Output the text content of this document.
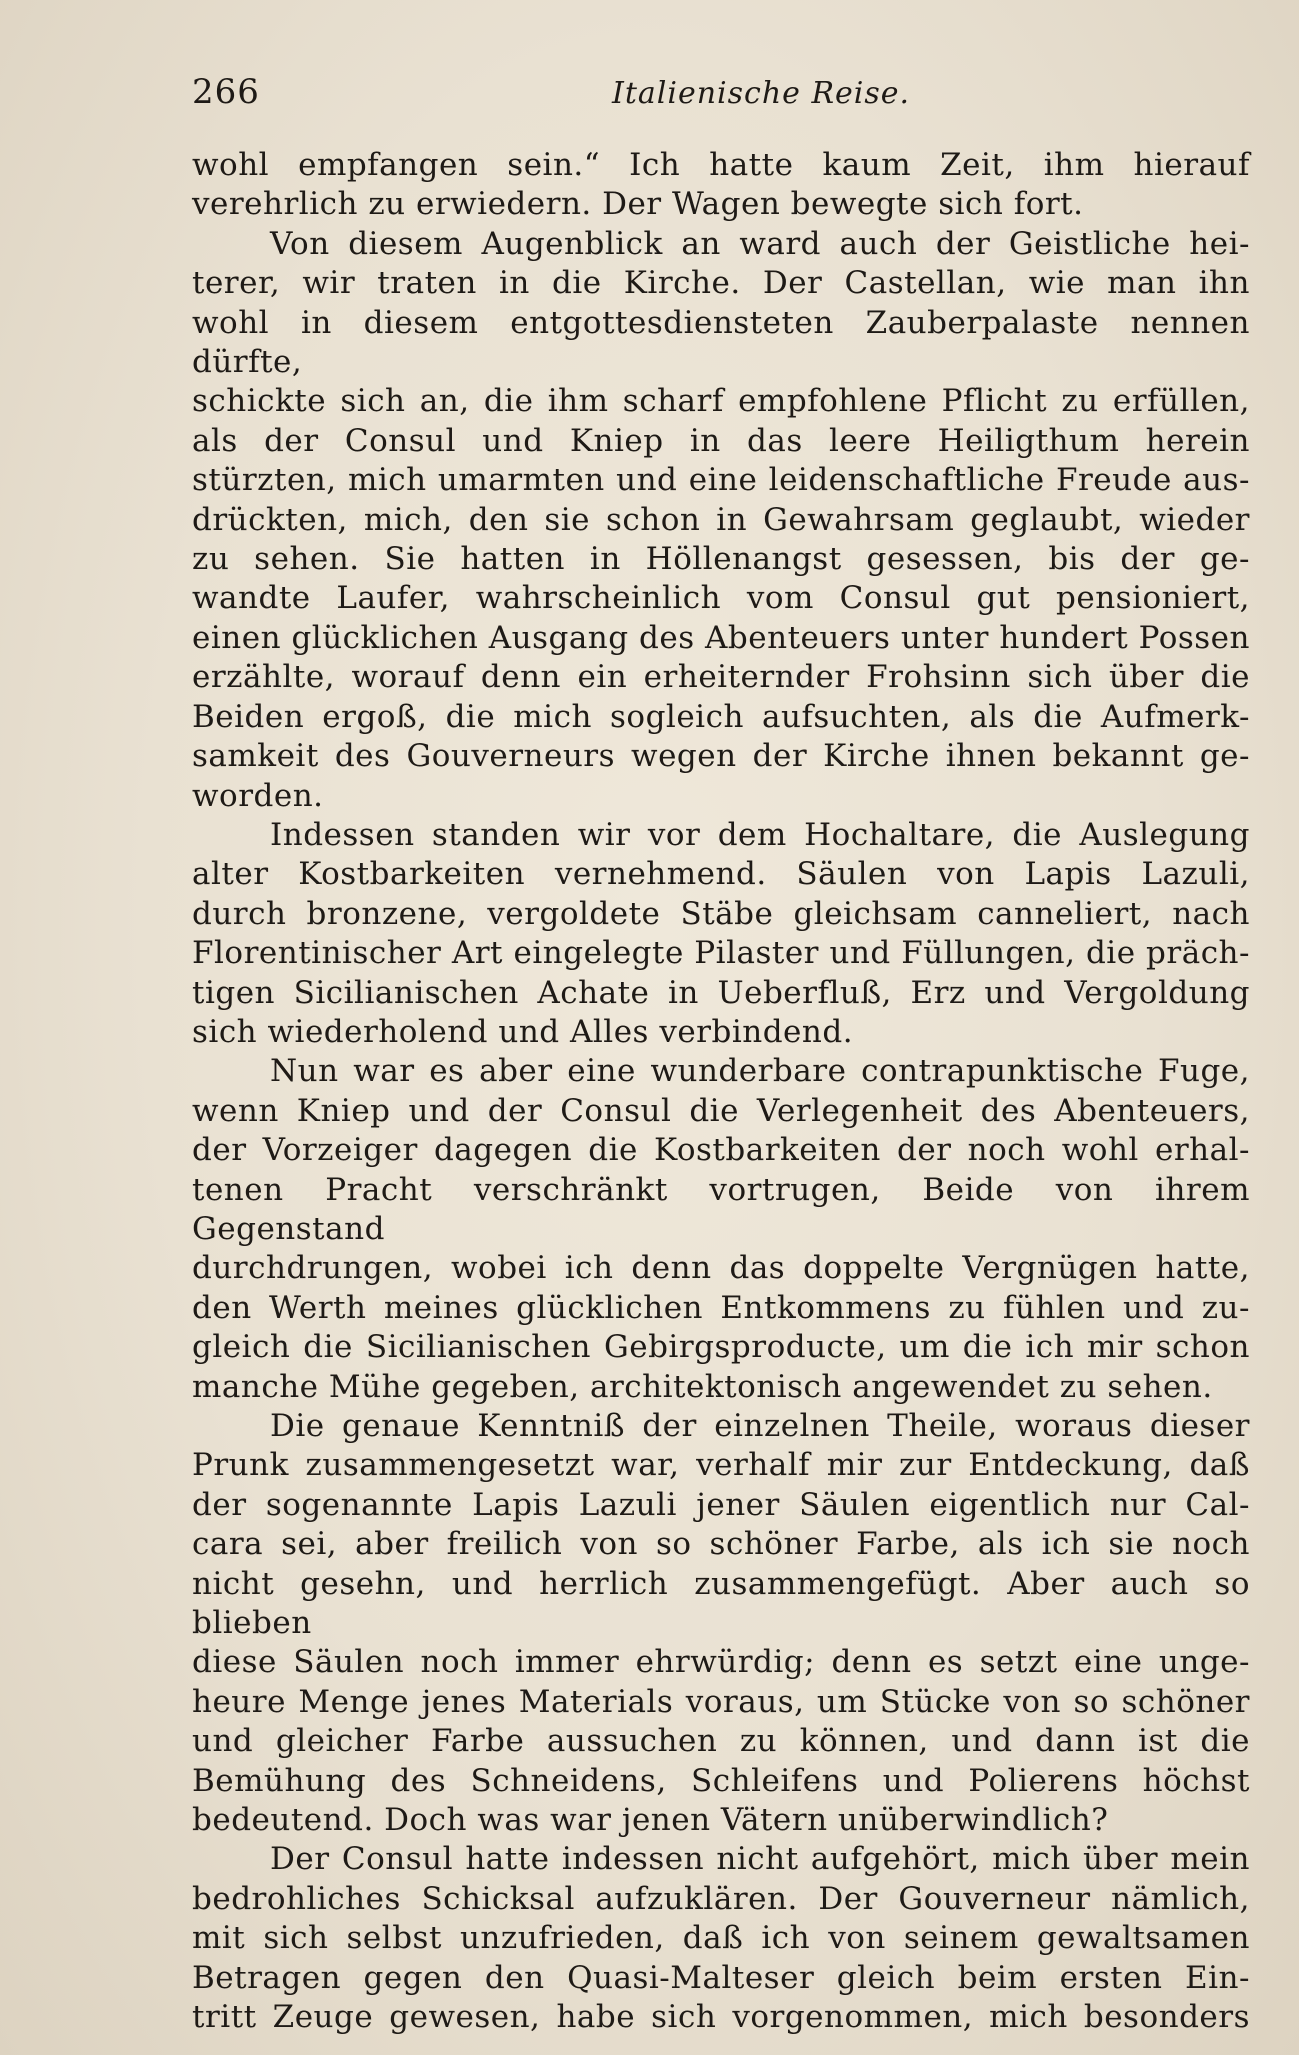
266	Italienische Reise.

wohl empfangen sein.“ Ich hatte kaum Zeit, ihm hierauf

verehrlich zu erwiedern. Der Wagen bewegte sich fort.

Von diesem Augenblick an ward auch der Geistliche hei-

terer, wir traten in die Kirche. Der Castellan, wie man ihn

wohl in diesem entgottesdiensteten Zauberpalaste nennen dürfte,

schickte sich an, die ihm scharf empfohlene Pflicht zu erfüllen,

als der Consul und Kniep in das leere Heiligthum herein

stürzten, mich umarmten und eine leidenschaftliche Freude aus-

drückten, mich, den sie schon in Gewahrsam geglaubt, wieder

zu sehen. Sie hatten in Höllenangst gesessen, bis der ge-

wandte Laufer, wahrscheinlich vom Consul gut pensioniert,

einen glücklichen Ausgang des Abenteuers unter hundert Possen

erzählte, worauf denn ein erheiternder Frohsinn sich über die

Beiden ergoß, die mich sogleich aufsuchten, als die Aufmerk-

samkeit des Gouverneurs wegen der Kirche ihnen bekannt ge-

worden.

Indessen standen wir vor dem Hochaltare, die Auslegung

alter Kostbarkeiten vernehmend. Säulen von Lapis Lazuli,

durch bronzene, vergoldete Stäbe gleichsam canneliert, nach

Florentinischer Art eingelegte Pilaster und Füllungen, die präch-

tigen Sicilianischen Achate in Ueberfluß, Erz und Vergoldung

sich wiederholend und Alles verbindend.

Nun war es aber eine wunderbare contrapunktische Fuge,

wenn Kniep und der Consul die Verlegenheit des Abenteuers,

der Vorzeiger dagegen die Kostbarkeiten der noch wohl erhal-

tenen Pracht verschränkt vortrugen, Beide von ihrem Gegenstand

durchdrungen, wobei ich denn das doppelte Vergnügen hatte,

den Werth meines glücklichen Entkommens zu fühlen und zu-

gleich die Sicilianischen Gebirgsproducte, um die ich mir schon

manche Mühe gegeben, architektonisch angewendet zu sehen.

Die genaue Kenntniß der einzelnen Theile, woraus dieser

Prunk zusammengesetzt war, verhalf mir zur Entdeckung, daß

der sogenannte Lapis Lazuli jener Säulen eigentlich nur Cal-

cara sei, aber freilich von so schöner Farbe, als ich sie noch

nicht gesehn, und herrlich zusammengefügt. Aber auch so blieben

diese Säulen noch immer ehrwürdig; denn es setzt eine unge-

heure Menge jenes Materials voraus, um Stücke von so schöner

und gleicher Farbe aussuchen zu können, und dann ist die

Bemühung des Schneidens, Schleifens und Polierens höchst

bedeutend. Doch was war jenen Vätern unüberwindlich?

Der Consul hatte indessen nicht aufgehört, mich über mein

bedrohliches Schicksal aufzuklären. Der Gouverneur nämlich,

mit sich selbst unzufrieden, daß ich von seinem gewaltsamen

Betragen gegen den Quasi-Malteser gleich beim ersten Ein-

tritt Zeuge gewesen, habe sich vorgenommen, mich besonders
